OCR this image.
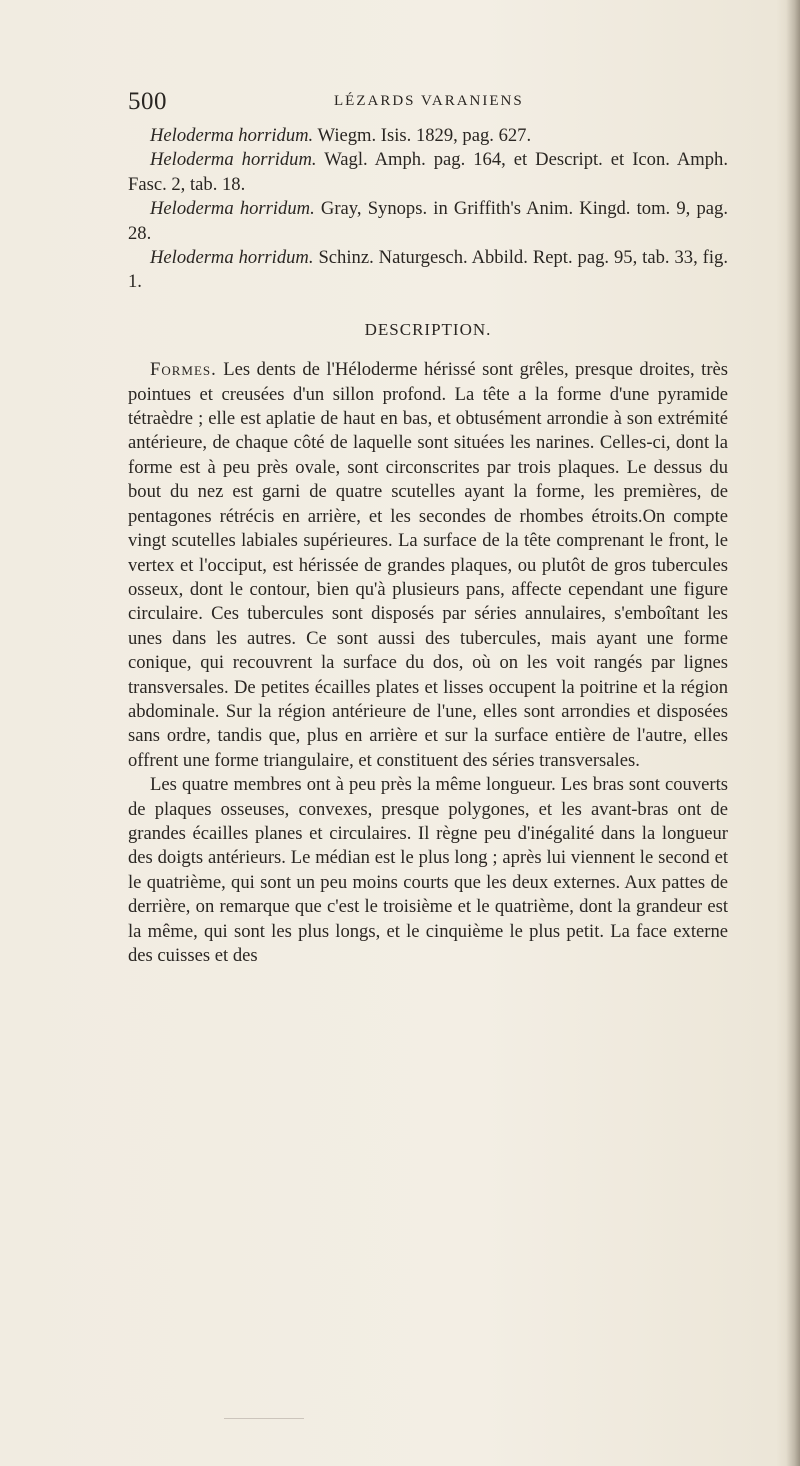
500	LÉZARDS VARANIENS

Heloderma horridum. Wiegm. Isis. 1829, pag. 627.

Heloderma horridum. Wagl. Amph. pag. 164, et Descript. et Icon. Amph. Fasc. 2, tab. 18.

Heloderma horridum. Gray, Synops. in Griffith's Anim. Kingd. tom. 9, pag. 28.

Heloderma horridum. Schinz. Naturgesch. Abbild. Rept. pag. 95, tab. 33, fig. 1.

DESCRIPTION.

Formes. Les dents de l'Héloderme hérissé sont grêles, presque droites, très pointues et creusées d'un sillon profond. La tête a la forme d'une pyramide tétraèdre ; elle est aplatie de haut en bas, et obtusément arrondie à son extrémité antérieure, de chaque côté de laquelle sont situées les narines. Celles-ci, dont la forme est à peu près ovale, sont circonscrites par trois plaques. Le dessus du bout du nez est garni de quatre scutelles ayant la forme, les premières, de pentagones rétrécis en arrière, et les secondes de rhombes étroits.On compte vingt scutelles labiales supérieures. La surface de la tête comprenant le front, le vertex et l'occiput, est hérissée de grandes plaques, ou plutôt de gros tubercules osseux, dont le contour, bien qu'à plusieurs pans, affecte cependant une figure circulaire. Ces tubercules sont disposés par séries annulaires, s'emboîtant les unes dans les autres. Ce sont aussi des tubercules, mais ayant une forme conique, qui recouvrent la surface du dos, où on les voit rangés par lignes transversales. De petites écailles plates et lisses occupent la poitrine et la région abdominale. Sur la région antérieure de l'une, elles sont arrondies et disposées sans ordre, tandis que, plus en arrière et sur la surface entière de l'autre, elles offrent une forme triangulaire, et constituent des séries transversales.

Les quatre membres ont à peu près la même longueur. Les bras sont couverts de plaques osseuses, convexes, presque polygones, et les avant-bras ont de grandes écailles planes et circulaires. Il règne peu d'inégalité dans la longueur des doigts antérieurs. Le médian est le plus long ; après lui viennent le second et le quatrième, qui sont un peu moins courts que les deux externes. Aux pattes de derrière, on remarque que c'est le troisième et le quatrième, dont la grandeur est la même, qui sont les plus longs, et le cinquième le plus petit. La face externe des cuisses et des
